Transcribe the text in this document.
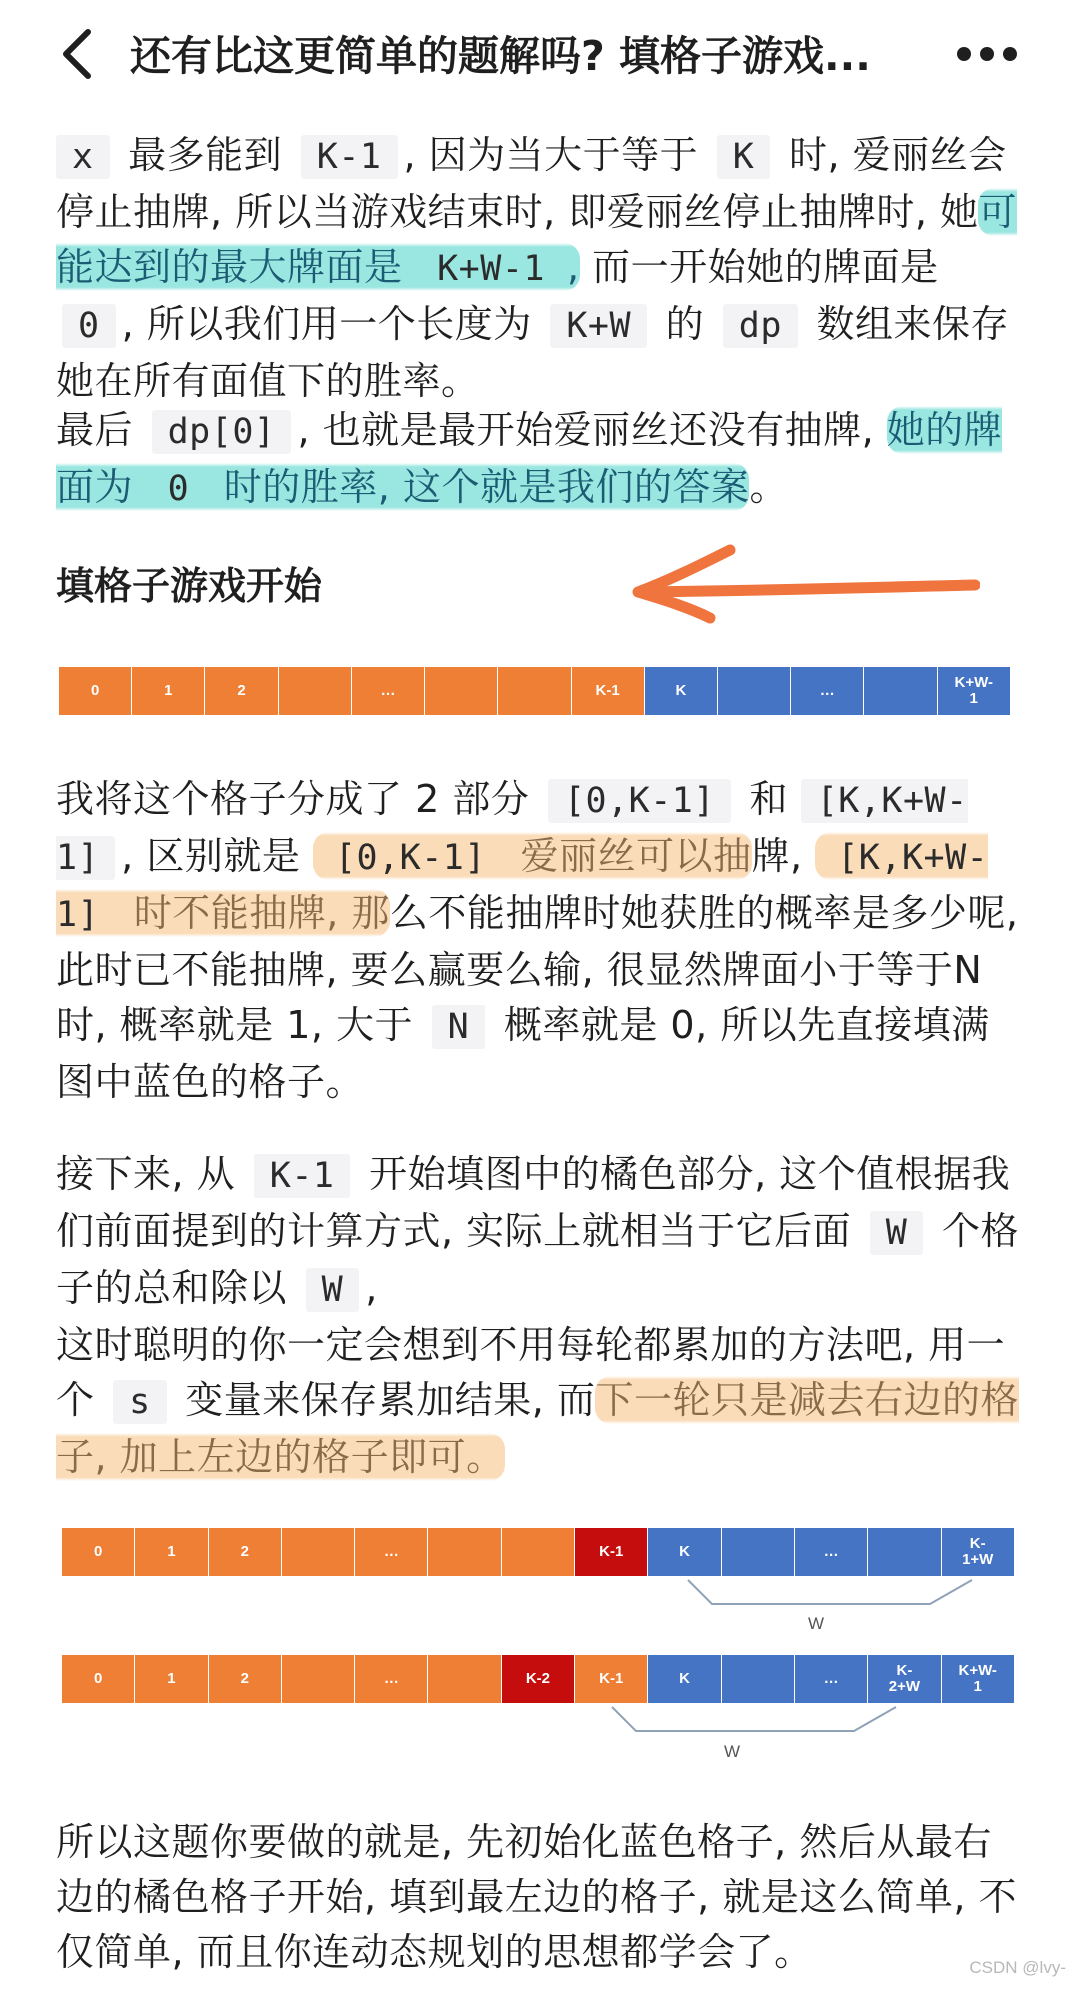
还有比这更简单的题解吗? 填格子游戏...
x 最多能到 K-1 , 因为当大于等于 K 时, 爱丽丝会停止抽牌, 所以当游戏结束时, 即爱丽丝停止抽牌时, 她可能达到的最大牌面是 K+W-1 , 而一开始她的牌面是 0 , 所以我们用一个长度为 K+W 的 dp 数组来保存她在所有面值下的胜率。
最后 dp[0] , 也就是最开始爱丽丝还没有抽牌, 她的牌面为 0 时的胜率, 这个就是我们的答案。
填格子游戏开始
0	1	2	…	K-1	K	…	K+W-
1
我将这个格子分成了 2 部分 [0,K-1] 和 [K,K+W-1] , 区别就是 [0,K-1] 爱丽丝可以抽牌, [K,K+W-1] 时不能抽牌, 那么不能抽牌时她获胜的概率是多少呢, 此时已不能抽牌, 要么赢要么输, 很显然牌面小于等于N时, 概率就是 1, 大于 N 概率就是 0, 所以先直接填满图中蓝色的格子。
接下来, 从 K-1 开始填图中的橘色部分, 这个值根据我们前面提到的计算方式, 实际上就相当于它后面 W 个格子的总和除以 W ,
这时聪明的你一定会想到不用每轮都累加的方法吧, 用一个 s 变量来保存累加结果, 而下一轮只是减去右边的格子, 加上左边的格子即可。
0	1	2	…	K-1	K	…	K-
1+W
W
0	1	2	…	K-2	K-1	K	…	K-
2+W
K+W-
1
W
所以这题你要做的就是, 先初始化蓝色格子, 然后从最右边的橘色格子开始, 填到最左边的格子, 就是这么简单, 不仅简单, 而且你连动态规划的思想都学会了。	CSDN @lvy-
